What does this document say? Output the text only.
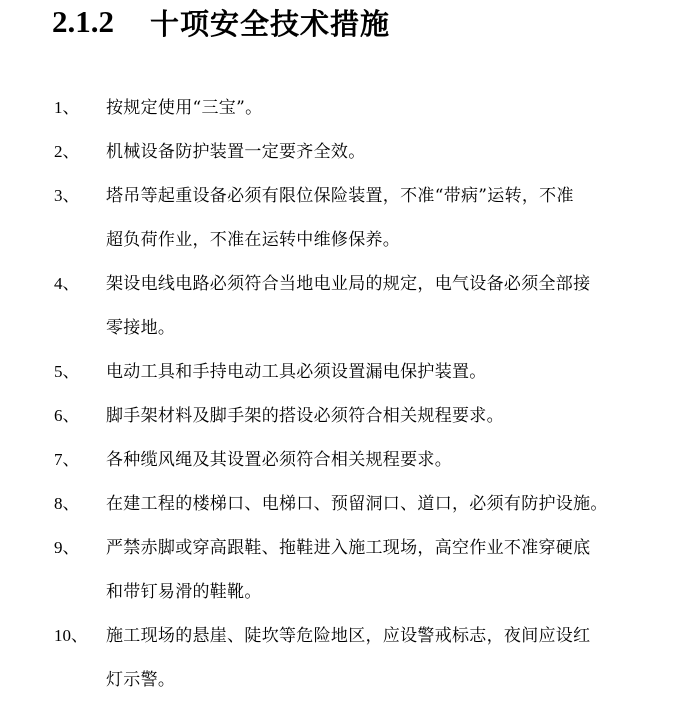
2.1.2	十项安全技术措施
1、 按规定使用“三宝”。
2、 机械设备防护装置一定要齐全效。
3、 塔吊等起重设备必须有限位保险装置，不准“带病”运转，不准
超负荷作业，不准在运转中维修保养。
4、 架设电线电路必须符合当地电业局的规定，电气设备必须全部接
零接地。
5、 电动工具和手持电动工具必须设置漏电保护装置。
6、 脚手架材料及脚手架的搭设必须符合相关规程要求。
7、 各种缆风绳及其设置必须符合相关规程要求。
8、 在建工程的楼梯口、电梯口、预留洞口、道口，必须有防护设施。
9、 严禁赤脚或穿高跟鞋、拖鞋进入施工现场，高空作业不准穿硬底
和带钉易滑的鞋靴。
10、 施工现场的悬崖、陡坎等危险地区，应设警戒标志，夜间应设红
灯示警。
